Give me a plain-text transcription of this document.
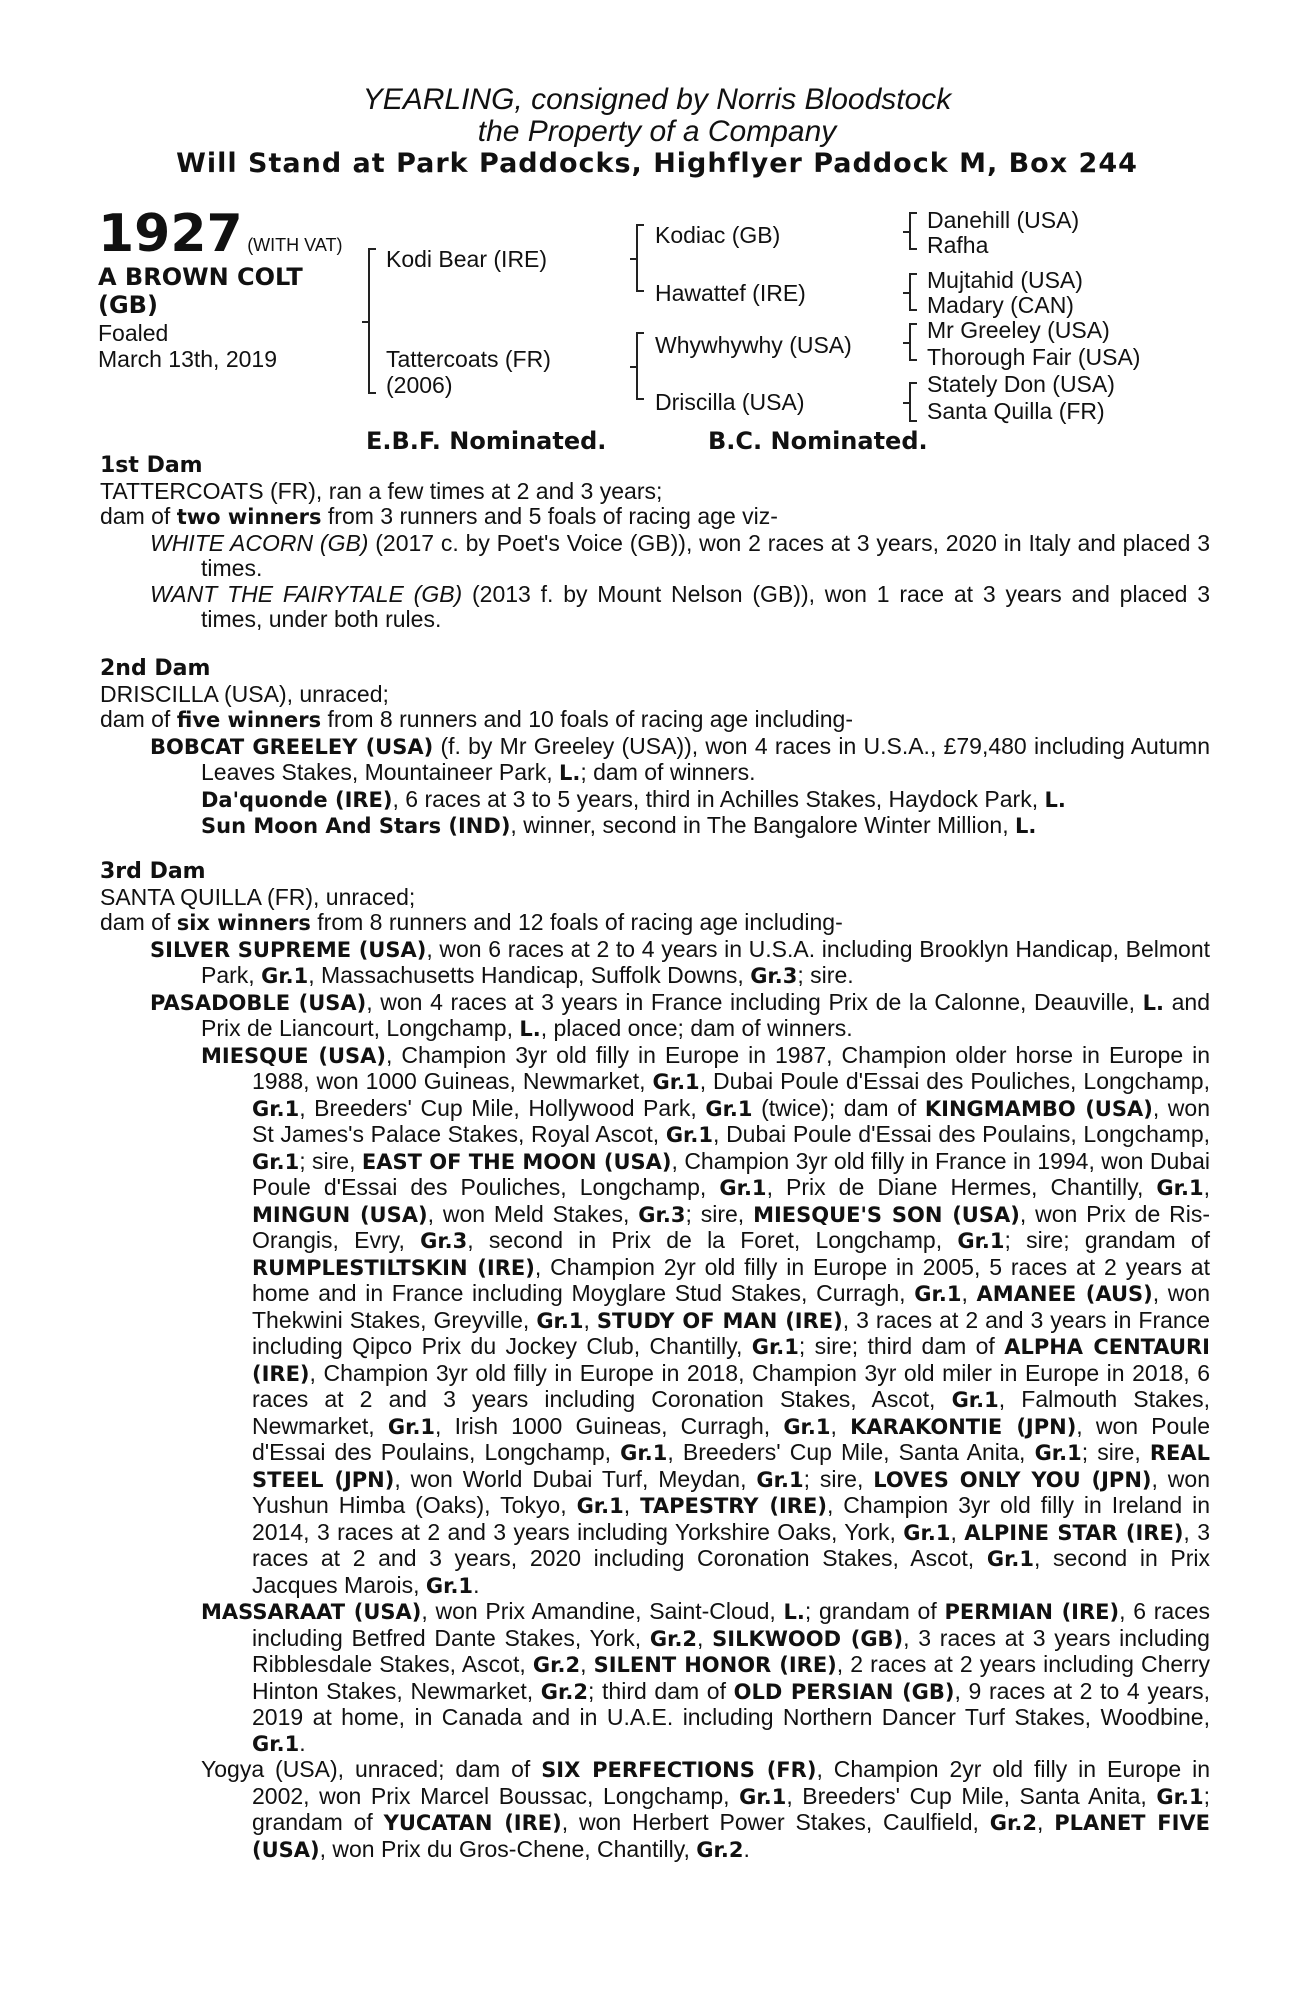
YEARLING, consigned by Norris Bloodstock
the Property of a Company
Will Stand at Park Paddocks, Highflyer Paddock M, Box 244
1927 (WITH VAT)
A BROWN COLT
(GB)
Foaled
March 13th, 2019
Kodi Bear (IRE)
Tattercoats (FR)
(2006)
Kodiac (GB)
Hawattef (IRE)
Whywhywhy (USA)
Driscilla (USA)
Danehill (USA)
Rafha
Mujtahid (USA)
Madary (CAN)
Mr Greeley (USA)
Thorough Fair (USA)
Stately Don (USA)
Santa Quilla (FR)
E.B.F. Nominated.	B.C. Nominated.

1st Dam

TATTERCOATS (FR), ran a few times at 2 and 3 years;

dam of two winners from 3 runners and 5 foals of racing age viz-

WHITE ACORN (GB) (2017 c. by Poet's Voice (GB)), won 2 races at 3 years, 2020 in Italy and placed 3 times.

WANT THE FAIRYTALE (GB) (2013 f. by Mount Nelson (GB)), won 1 race at 3 years and placed 3 times, under both rules.

2nd Dam

DRISCILLA (USA), unraced;

dam of five winners from 8 runners and 10 foals of racing age including-

BOBCAT GREELEY (USA) (f. by Mr Greeley (USA)), won 4 races in U.S.A., £79,480 including Autumn Leaves Stakes, Mountaineer Park, L.; dam of winners.

Da'quonde (IRE), 6 races at 3 to 5 years, third in Achilles Stakes, Haydock Park, L.

Sun Moon And Stars (IND), winner, second in The Bangalore Winter Million, L.

3rd Dam

SANTA QUILLA (FR), unraced;

dam of six winners from 8 runners and 12 foals of racing age including-

SILVER SUPREME (USA), won 6 races at 2 to 4 years in U.S.A. including Brooklyn Handicap, Belmont Park, Gr.1, Massachusetts Handicap, Suffolk Downs, Gr.3; sire.

PASADOBLE (USA), won 4 races at 3 years in France including Prix de la Calonne, Deauville, L. and Prix de Liancourt, Longchamp, L., placed once; dam of winners.

MIESQUE (USA), Champion 3yr old filly in Europe in 1987, Champion older horse in Europe in 1988, won 1000 Guineas, Newmarket, Gr.1, Dubai Poule d'Essai des Pouliches, Longchamp, Gr.1, Breeders' Cup Mile, Hollywood Park, Gr.1 (twice); dam of KINGMAMBO (USA), won St James's Palace Stakes, Royal Ascot, Gr.1, Dubai Poule d'Essai des Poulains, Longchamp, Gr.1; sire, EAST OF THE MOON (USA), Champion 3yr old filly in France in 1994, won Dubai Poule d'Essai des Pouliches, Longchamp, Gr.1, Prix de Diane Hermes, Chantilly, Gr.1, MINGUN (USA), won Meld Stakes, Gr.3; sire, MIESQUE'S SON (USA), won Prix de Ris-Orangis, Evry, Gr.3, second in Prix de la Foret, Longchamp, Gr.1; sire; grandam of RUMPLESTILTSKIN (IRE), Champion 2yr old filly in Europe in 2005, 5 races at 2 years at home and in France including Moyglare Stud Stakes, Curragh, Gr.1, AMANEE (AUS), won Thekwini Stakes, Greyville, Gr.1, STUDY OF MAN (IRE), 3 races at 2 and 3 years in France including Qipco Prix du Jockey Club, Chantilly, Gr.1; sire; third dam of ALPHA CENTAURI (IRE), Champion 3yr old filly in Europe in 2018, Champion 3yr old miler in Europe in 2018, 6 races at 2 and 3 years including Coronation Stakes, Ascot, Gr.1, Falmouth Stakes, Newmarket, Gr.1, Irish 1000 Guineas, Curragh, Gr.1, KARAKONTIE (JPN), won Poule d'Essai des Poulains, Longchamp, Gr.1, Breeders' Cup Mile, Santa Anita, Gr.1; sire, REAL STEEL (JPN), won World Dubai Turf, Meydan, Gr.1; sire, LOVES ONLY YOU (JPN), won Yushun Himba (Oaks), Tokyo, Gr.1, TAPESTRY (IRE), Champion 3yr old filly in Ireland in 2014, 3 races at 2 and 3 years including Yorkshire Oaks, York, Gr.1, ALPINE STAR (IRE), 3 races at 2 and 3 years, 2020 including Coronation Stakes, Ascot, Gr.1, second in Prix Jacques Marois, Gr.1.

MASSARAAT (USA), won Prix Amandine, Saint-Cloud, L.; grandam of PERMIAN (IRE), 6 races including Betfred Dante Stakes, York, Gr.2, SILKWOOD (GB), 3 races at 3 years including Ribblesdale Stakes, Ascot, Gr.2, SILENT HONOR (IRE), 2 races at 2 years including Cherry Hinton Stakes, Newmarket, Gr.2; third dam of OLD PERSIAN (GB), 9 races at 2 to 4 years, 2019 at home, in Canada and in U.A.E. including Northern Dancer Turf Stakes, Woodbine, Gr.1.

Yogya (USA), unraced; dam of SIX PERFECTIONS (FR), Champion 2yr old filly in Europe in 2002, won Prix Marcel Boussac, Longchamp, Gr.1, Breeders' Cup Mile, Santa Anita, Gr.1; grandam of YUCATAN (IRE), won Herbert Power Stakes, Caulfield, Gr.2, PLANET FIVE (USA), won Prix du Gros-Chene, Chantilly, Gr.2.
